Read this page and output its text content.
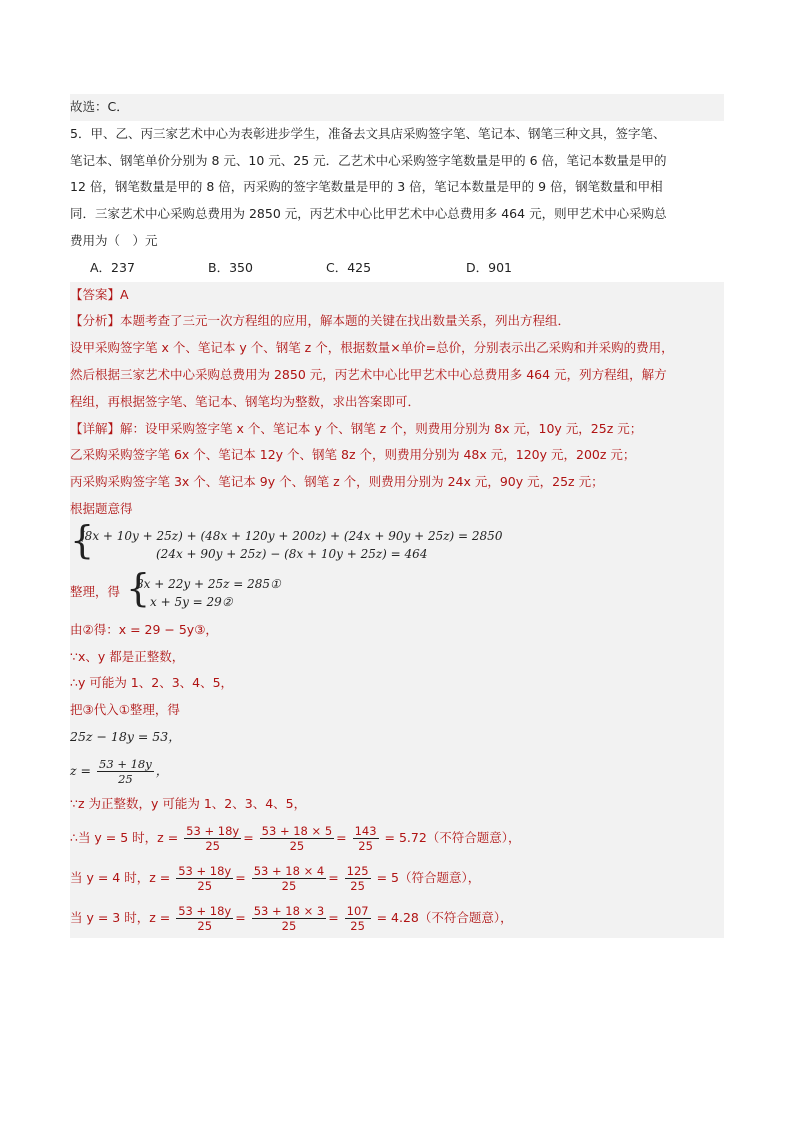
故选：C．
5．甲、乙、丙三家艺术中心为表彰进步学生，准备去文具店采购签字笔、笔记本、钢笔三种文具，签字笔、
笔记本、钢笔单价分别为 8 元、10 元、25 元．乙艺术中心采购签字笔数量是甲的 6 倍，笔记本数量是甲的
12 倍，钢笔数量是甲的 8 倍，丙采购的签字笔数量是甲的 3 倍，笔记本数量是甲的 9 倍，钢笔数量和甲相
同．三家艺术中心采购总费用为 2850 元，丙艺术中心比甲艺术中心总费用多 464 元，则甲艺术中心采购总
费用为（　）元
A．237	B．350	C．425	D．901
【答案】A
【分析】本题考查了三元一次方程组的应用，解本题的关键在找出数量关系，列出方程组．
设甲采购签字笔 x 个、笔记本 y 个、钢笔 z 个，根据数量×单价=总价，分别表示出乙采购和并采购的费用，
然后根据三家艺术中心采购总费用为 2850 元，丙艺术中心比甲艺术中心总费用多 464 元，列方程组，解方
程组，再根据签字笔、笔记本、钢笔均为整数，求出答案即可．
【详解】解：设甲采购签字笔 x 个、笔记本 y 个、钢笔 z 个，则费用分别为 8x 元，10y 元，25z 元；
乙采购采购签字笔 6x 个、笔记本 12y 个、钢笔 8z 个，则费用分别为 48x 元，120y 元，200z 元；
丙采购采购签字笔 3x 个、笔记本 9y 个、钢笔 z 个，则费用分别为 24x 元，90y 元，25z 元；
根据题意得
{
(8x + 10y + 25z) + (48x + 120y + 200z) + (24x + 90y + 25z) = 2850
(24x + 90y + 25z) − (8x + 10y + 25z) = 464
整理，得 {
8x + 22y + 25z = 285①
x + 5y = 29②
由②得：x = 29 − 5y③，
∵x、y 都是正整数，
∴y 可能为 1、2、3、4、5，
把③代入①整理，得
25z − 18y = 53，
$z = \frac{53 + 18y}{25}$ ，
∵z 为正整数，y 可能为 1、2、3、4、5，
∴当 y = 5 时，$z = \frac{53 + 18y}{25} = \frac{53 + 18 \times 5}{25} = \frac{143}{25} = 5.72$（不符合题意），
当 y = 4 时，$z = \frac{53 + 18y}{25} = \frac{53 + 18 \times 4}{25} = \frac{125}{25} = 5$（符合题意），
当 y = 3 时，$z = \frac{53 + 18y}{25} = \frac{53 + 18 \times 3}{25} = \frac{107}{25} = 4.28$（不符合题意），
